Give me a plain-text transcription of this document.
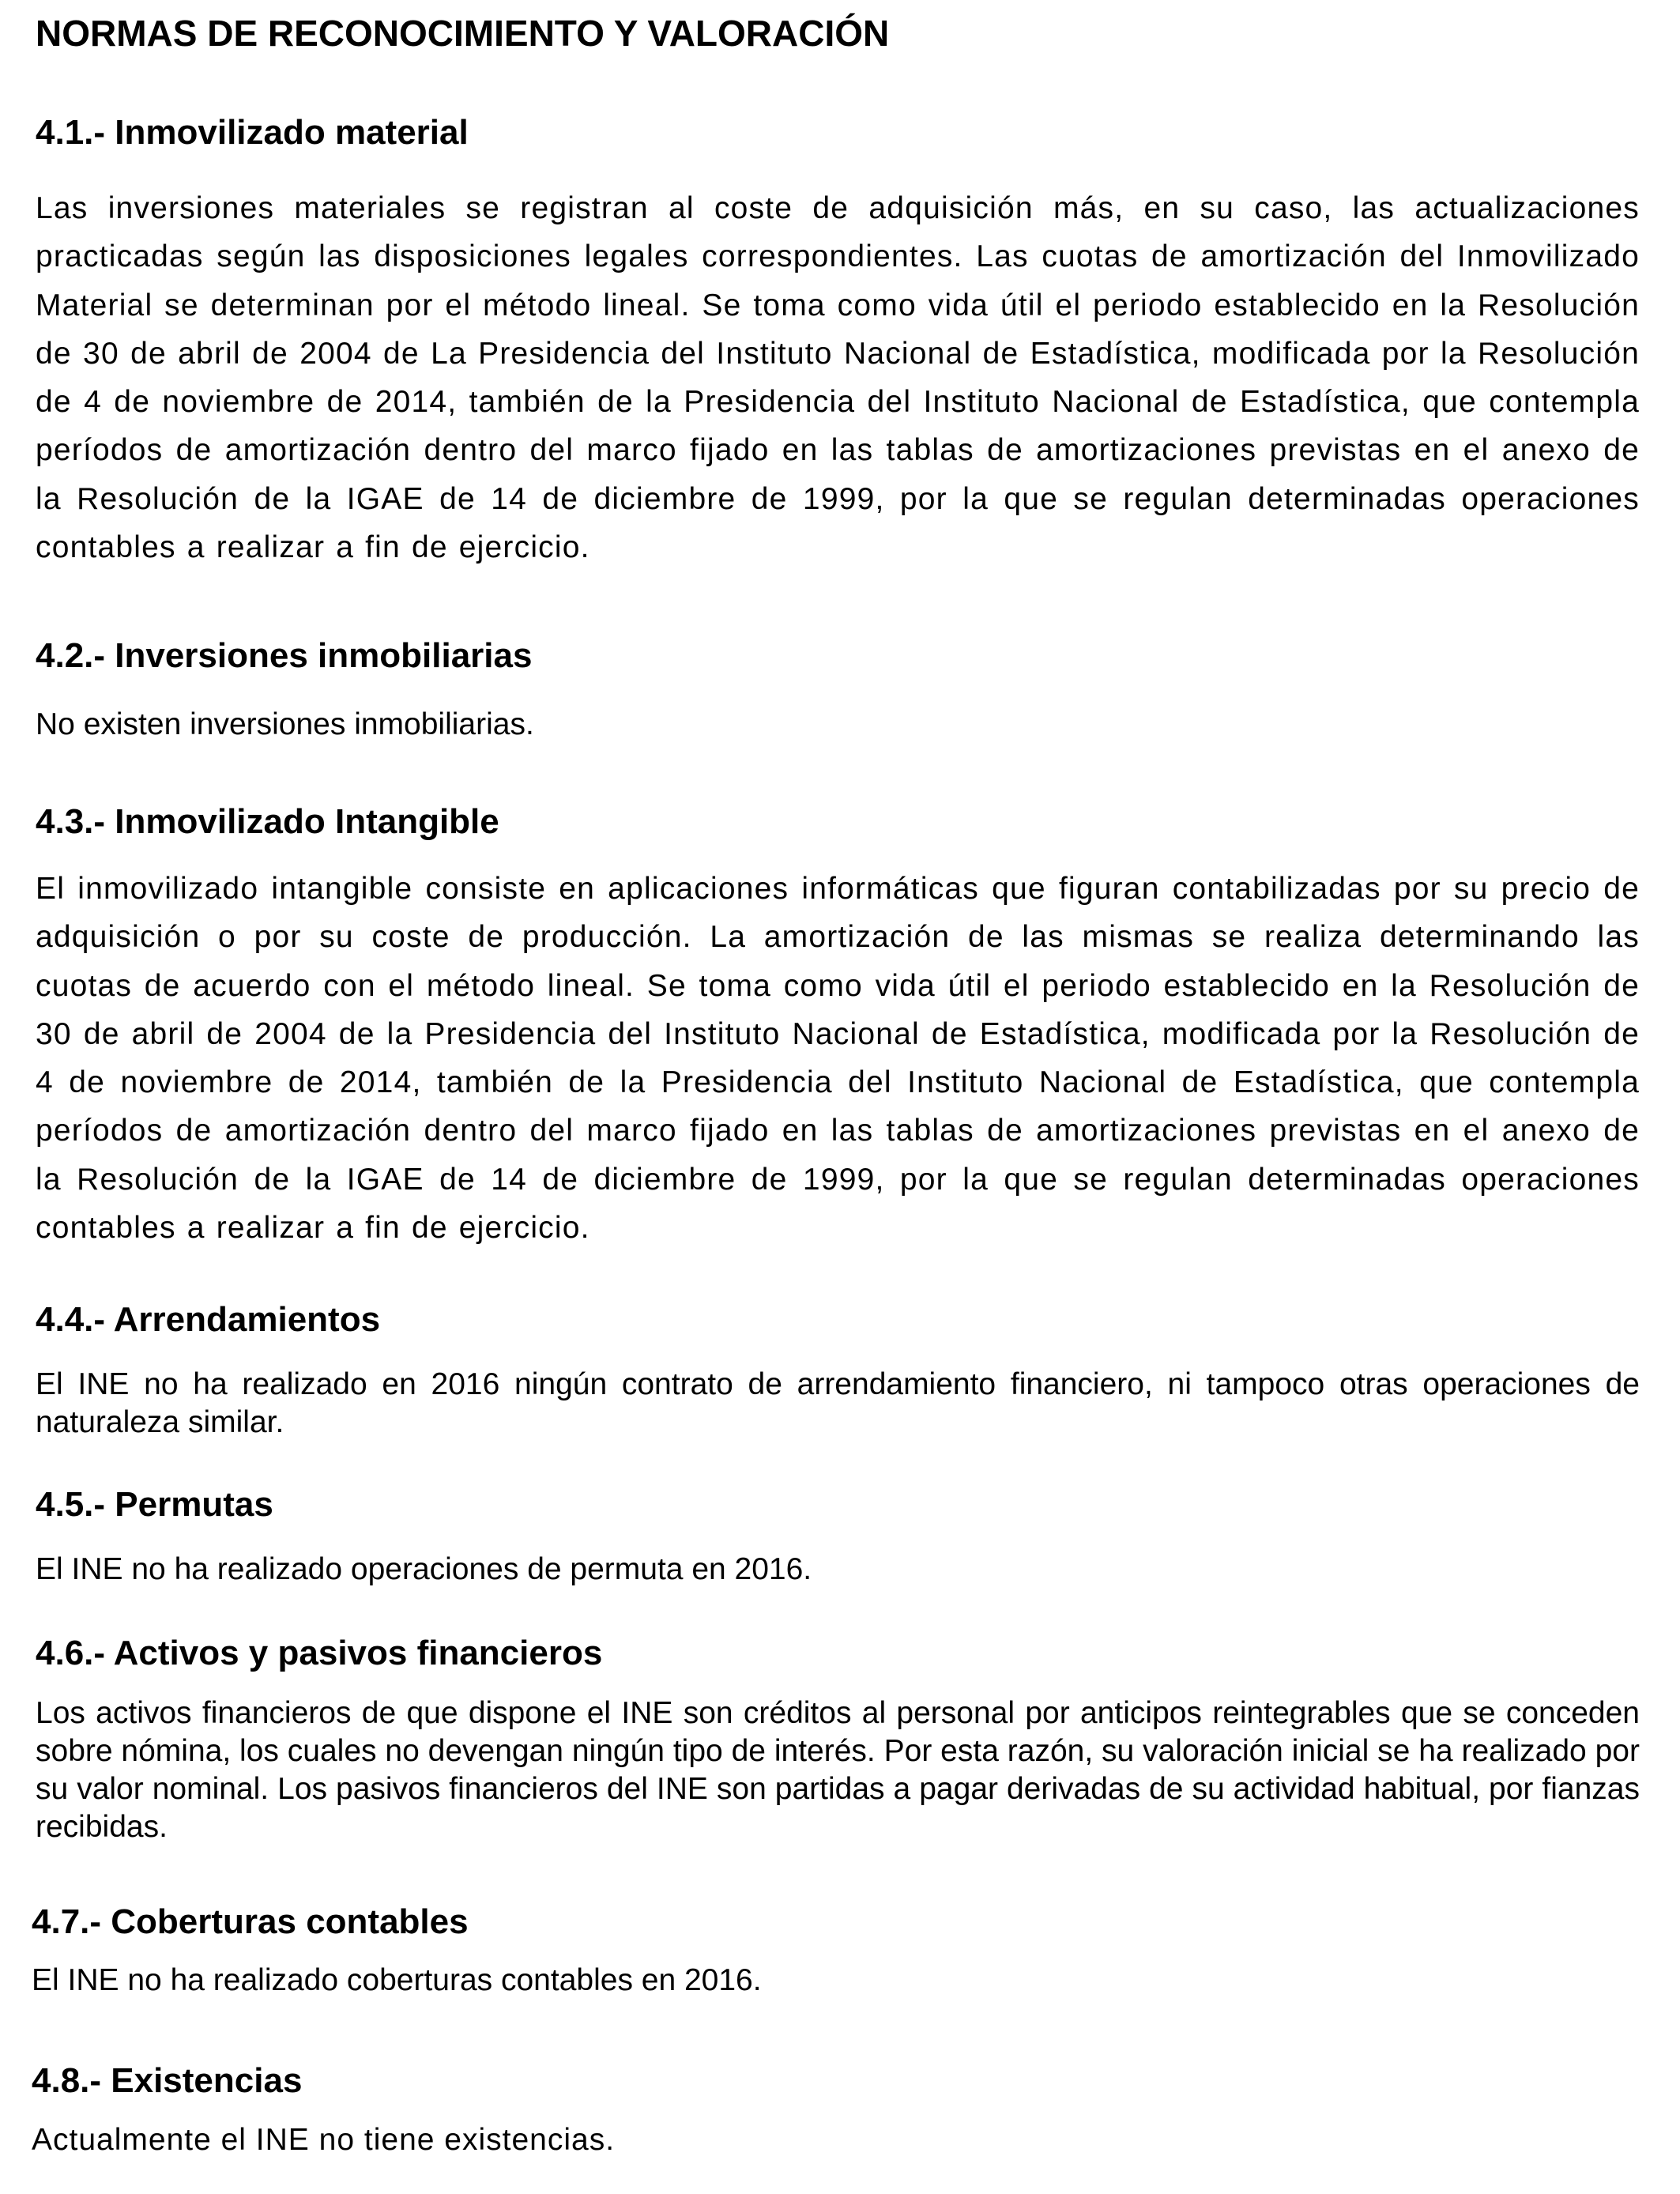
NORMAS DE RECONOCIMIENTO Y VALORACIÓN
4.1.- Inmovilizado material

Las inversiones materiales se registran al coste de adquisición más, en su caso, las actualizaciones practicadas según las disposiciones legales correspondientes. Las cuotas de amortización del Inmovilizado Material se determinan por el método lineal. Se toma como vida útil el periodo establecido en la Resolución de 30 de abril de 2004 de La Presidencia del Instituto Nacional de Estadística, modificada por la Resolución de 4 de noviembre de 2014, también de la Presidencia del Instituto Nacional de Estadística, que contempla períodos de amortización dentro del marco fijado en las tablas de amortizaciones previstas en el anexo de la Resolución de la IGAE de 14 de diciembre de 1999, por la que se regulan determinadas operaciones contables a realizar a fin de ejercicio.

4.2.- Inversiones inmobiliarias

No existen inversiones inmobiliarias.

4.3.- Inmovilizado Intangible

El inmovilizado intangible consiste en aplicaciones informáticas que figuran contabilizadas por su precio de adquisición o por su coste de producción. La amortización de las mismas se realiza determinando las cuotas de acuerdo con el método lineal. Se toma como vida útil el periodo establecido en la Resolución de 30 de abril de 2004 de la Presidencia del Instituto Nacional de Estadística, modificada por la Resolución de 4 de noviembre de 2014, también de la Presidencia del Instituto Nacional de Estadística, que contempla períodos de amortización dentro del marco fijado en las tablas de amortizaciones previstas en el anexo de la Resolución de la IGAE de 14 de diciembre de 1999, por la que se regulan determinadas operaciones contables a realizar a fin de ejercicio.

4.4.- Arrendamientos

El INE no ha realizado en 2016 ningún contrato de arrendamiento financiero, ni tampoco otras operaciones de naturaleza similar.

4.5.- Permutas

El INE no ha realizado operaciones de permuta en 2016.

4.6.- Activos y pasivos financieros

Los activos financieros de que dispone el INE son créditos al personal por anticipos reintegrables que se conceden sobre nómina, los cuales no devengan ningún tipo de interés. Por esta razón, su valoración inicial se ha realizado por su valor nominal. Los pasivos financieros del INE son partidas a pagar derivadas de su actividad habitual, por fianzas recibidas.

4.7.- Coberturas contables

El INE no ha realizado coberturas contables en 2016.

4.8.- Existencias

Actualmente el INE no tiene existencias.
